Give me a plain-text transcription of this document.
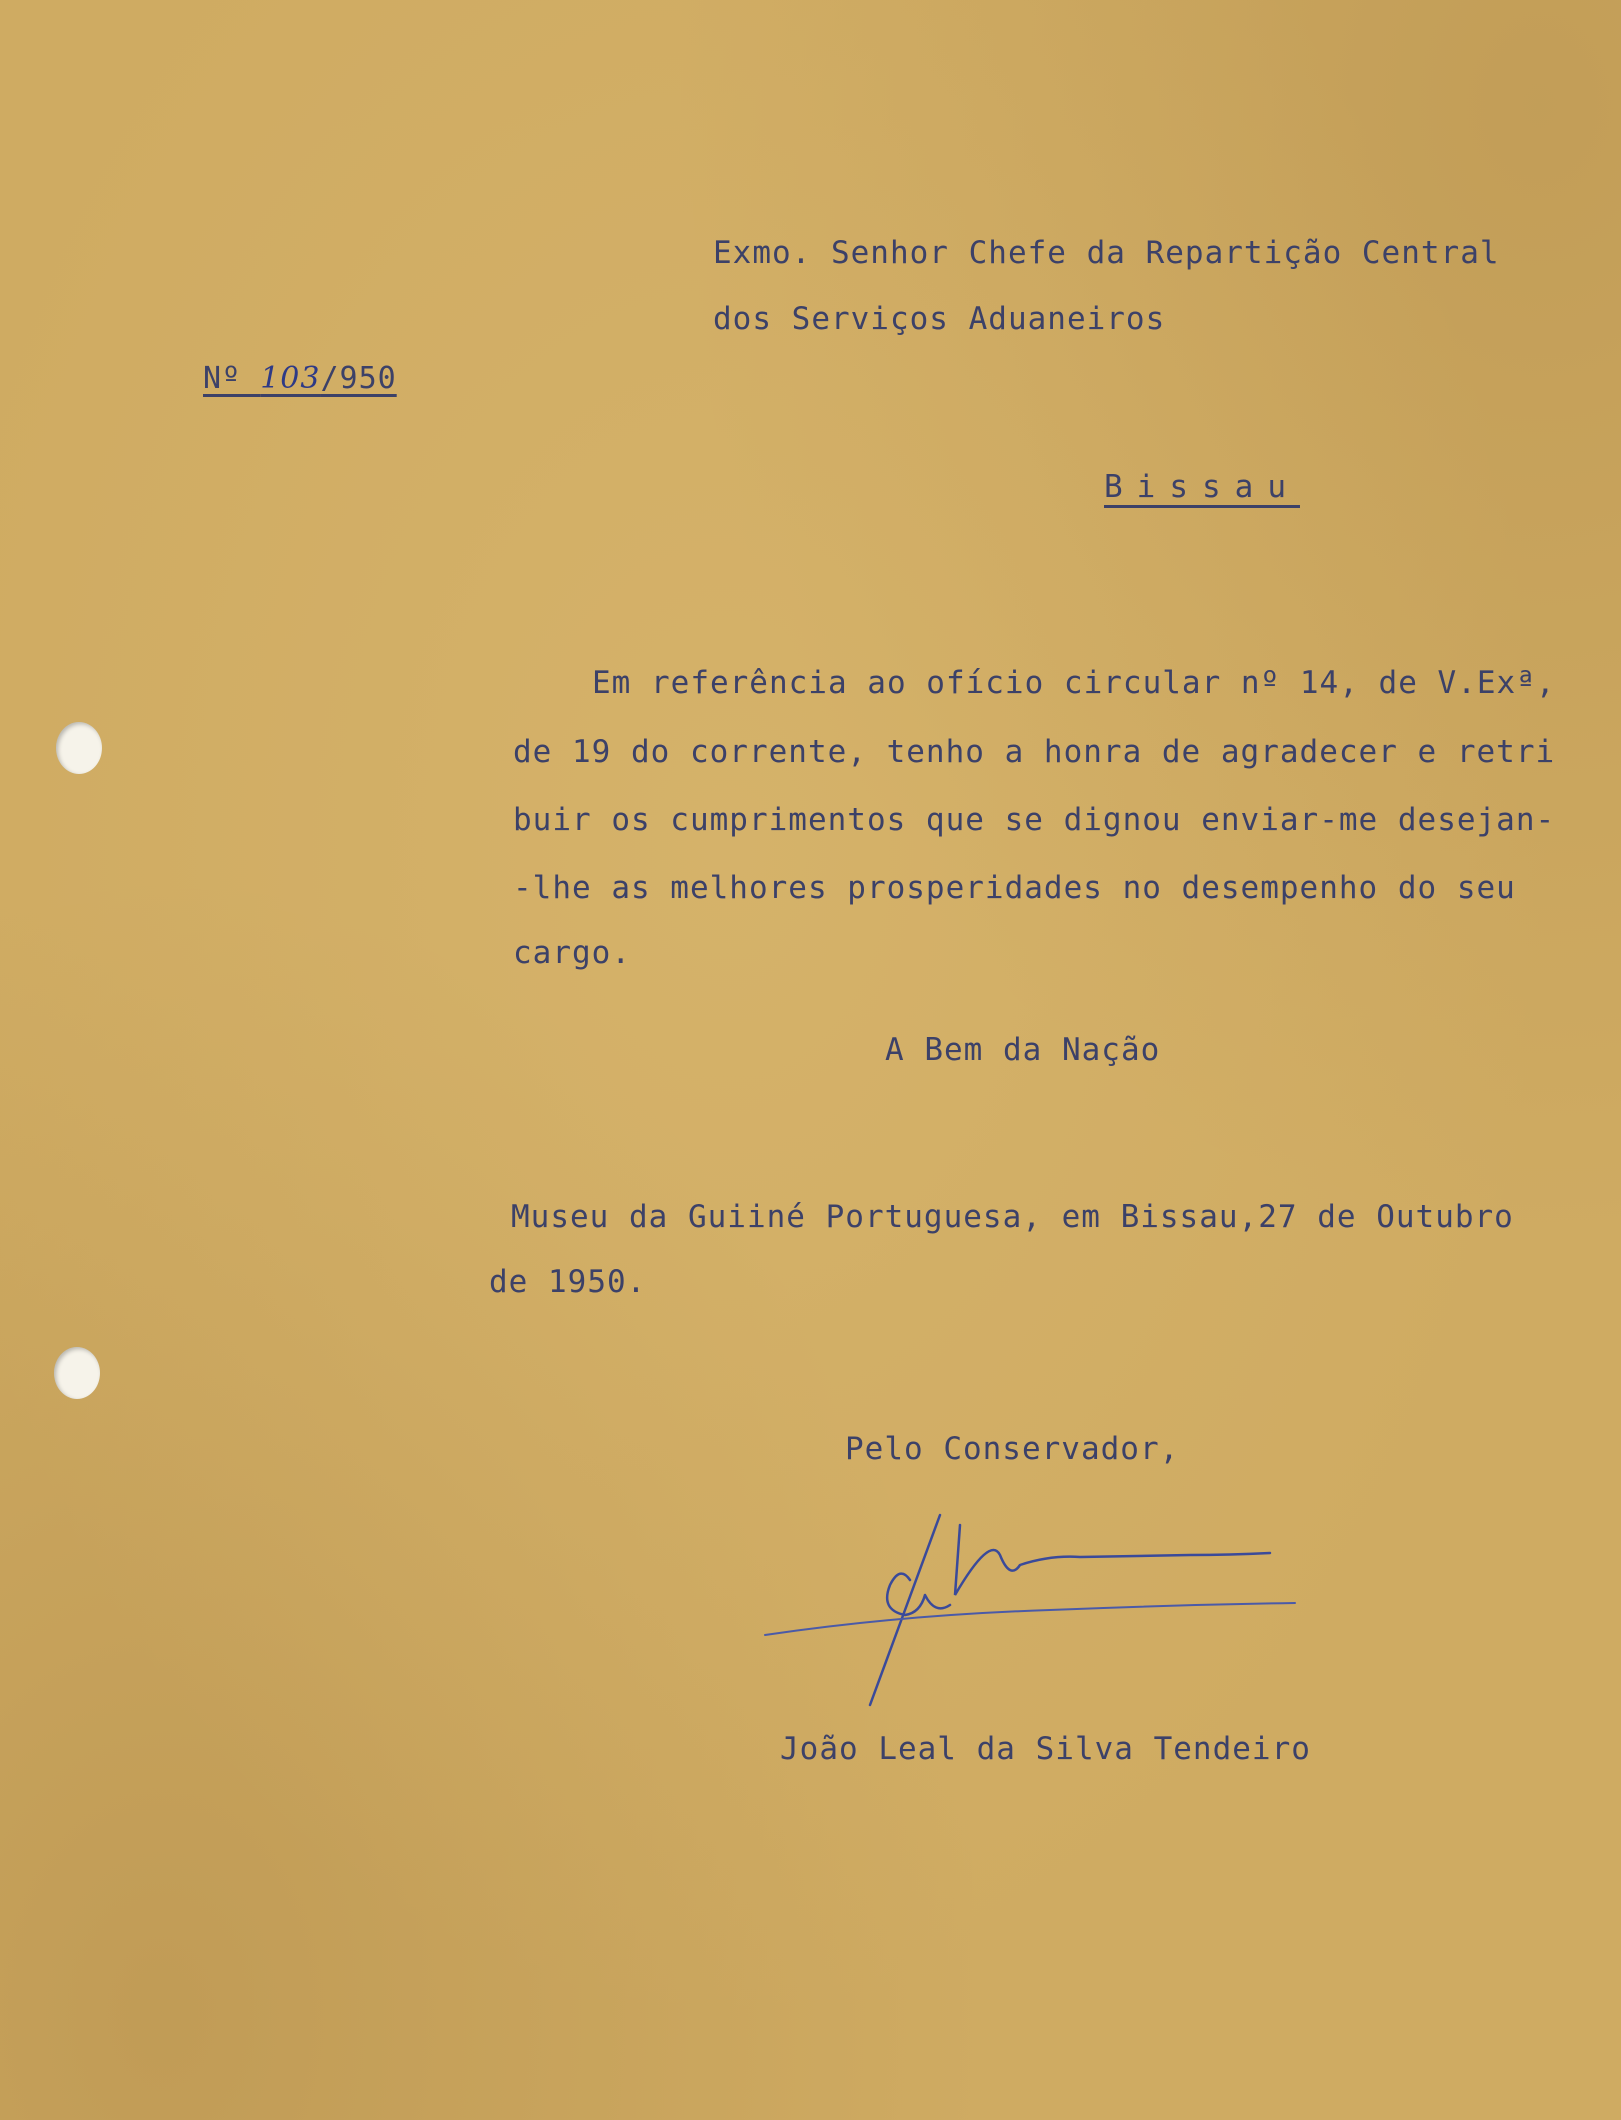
Exmo. Senhor Chefe da Repartição Central
dos Serviços Aduaneiros
Nº 103/950
Bissau
Em referência ao ofício circular nº 14, de V.Exª,
de 19 do corrente, tenho a honra de agradecer e retri
buir os cumprimentos que se dignou enviar-me desejan-
-lhe as melhores prosperidades no desempenho do seu
cargo.
A Bem da Nação
Museu da Guiiné Portuguesa, em Bissau,27 de Outubro
de 1950.
Pelo Conservador,
João Leal da Silva Tendeiro
